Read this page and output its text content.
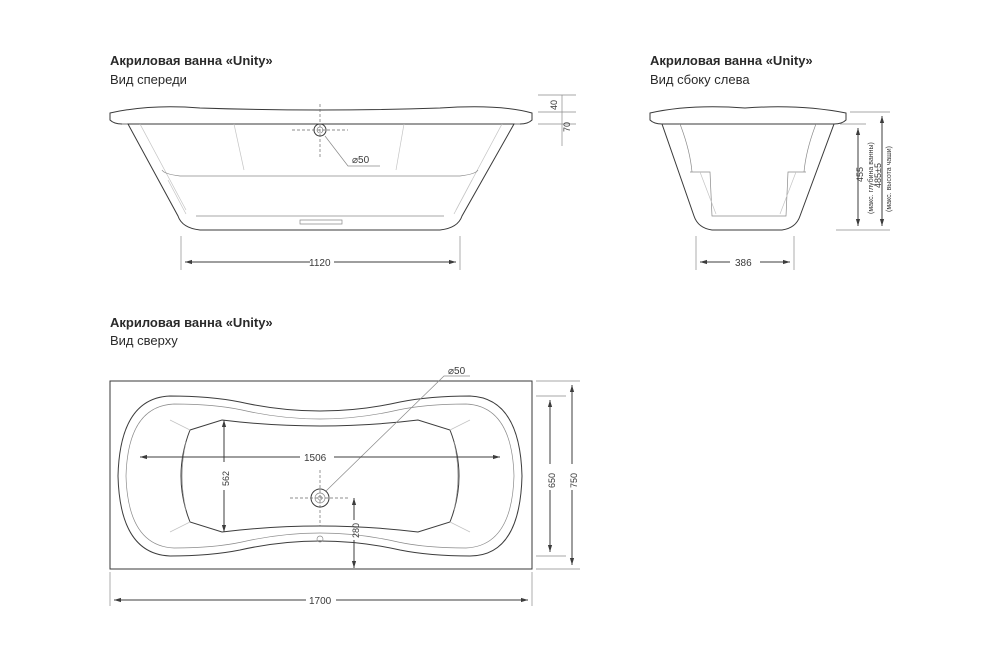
Акриловая ванна «Unity»
Вид спереди
Акриловая ванна «Unity»
Вид сбоку слева
Акриловая ванна «Unity»
Вид сверху
⌀50
1120
40
70
386
455 (макс. глубина ванны)
485±5 (макс. высота чаши)
⌀50
1506
562
280
650 750
1700
